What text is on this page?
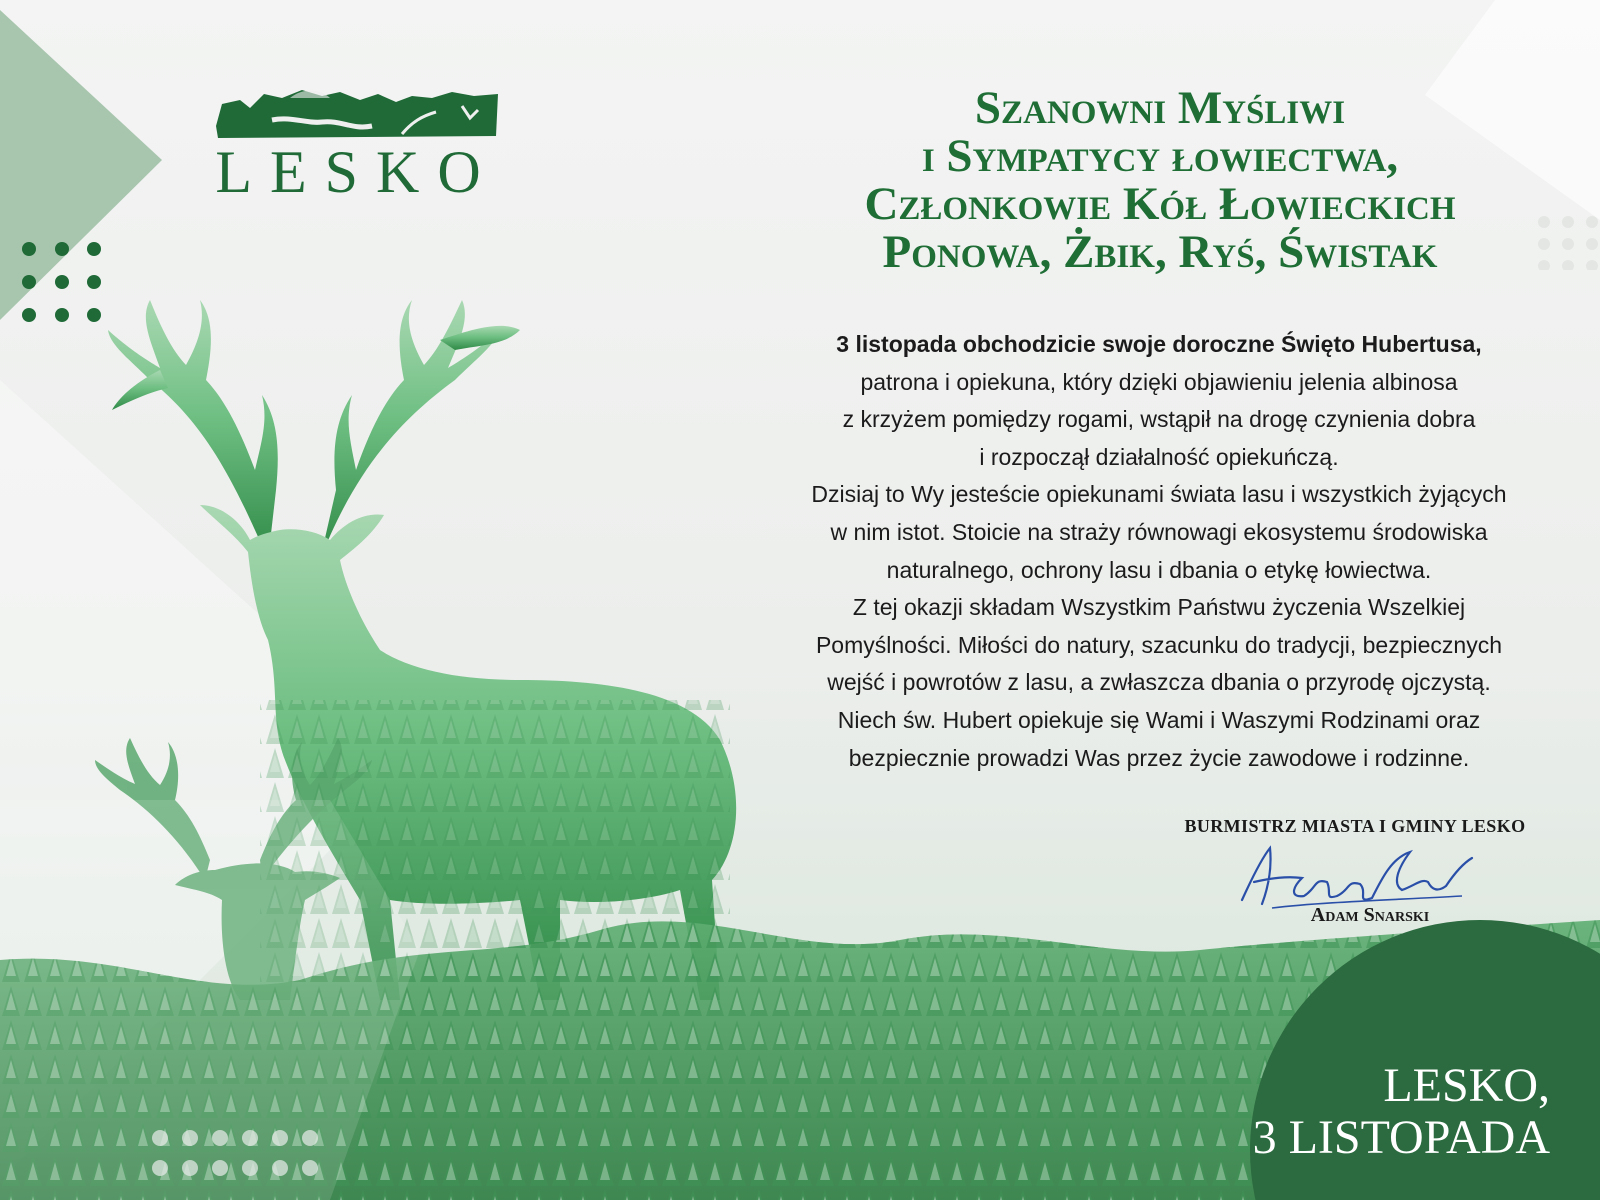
LESKO
Szanowni Myśliwi
i Sympatycy łowiectwa,
Członkowie Kół Łowieckich
Ponowa, Żbik, Ryś, Świstak
3 listopada obchodzicie swoje doroczne Święto Hubertusa,
patrona i opiekuna, który dzięki objawieniu jelenia albinosa
z krzyżem pomiędzy rogami, wstąpił na drogę czynienia dobra
i rozpoczął działalność opiekuńczą.
Dzisiaj to Wy jesteście opiekunami świata lasu i wszystkich żyjących
w nim istot. Stoicie na straży równowagi ekosystemu środowiska
naturalnego, ochrony lasu i dbania o etykę łowiectwa.
Z tej okazji składam Wszystkim Państwu życzenia Wszelkiej
Pomyślności. Miłości do natury, szacunku do tradycji, bezpiecznych
wejść i powrotów z lasu, a zwłaszcza dbania o przyrodę ojczystą.
Niech św. Hubert opiekuje się Wami i Waszymi Rodzinami oraz
bezpiecznie prowadzi Was przez życie zawodowe i rodzinne.
BURMISTRZ MIASTA I GMINY LESKO
Adam Snarski
LESKO,
3 LISTOPADA
